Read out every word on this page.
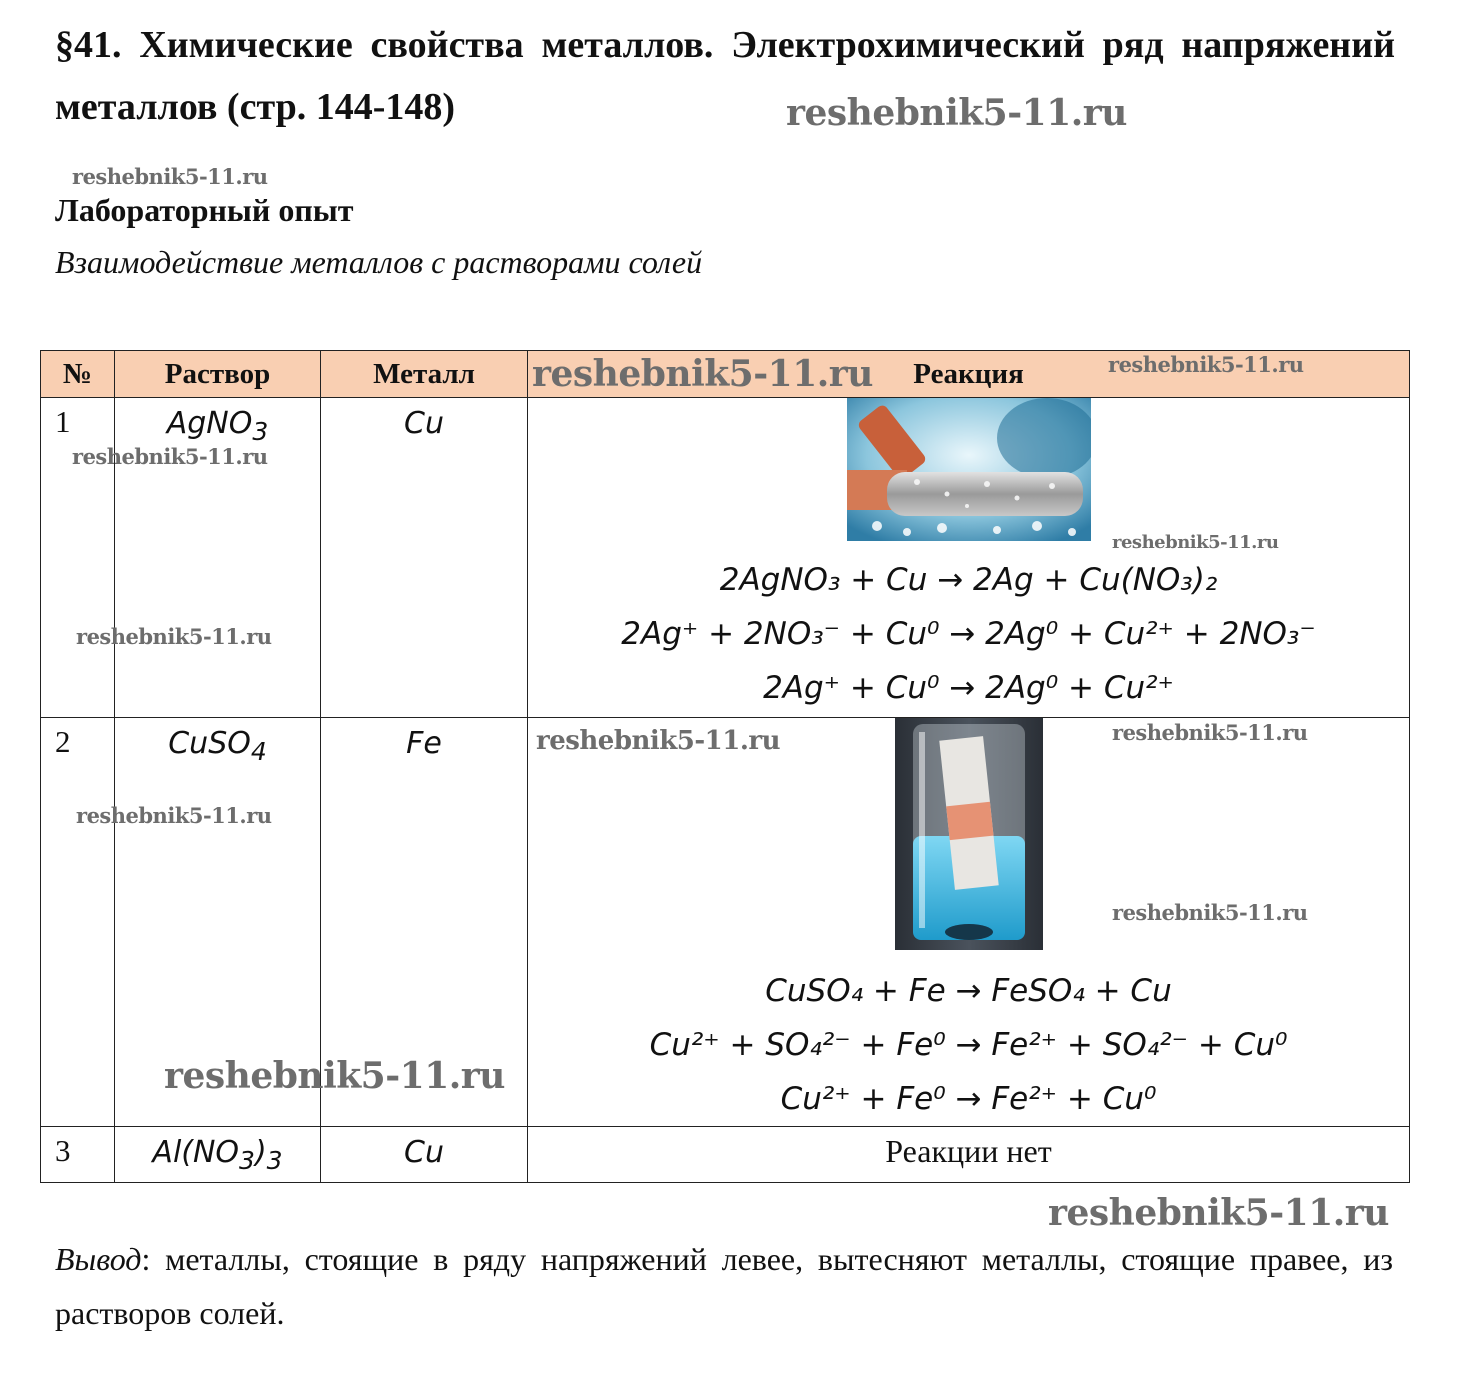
§41. Химические свойства металлов. Электрохимический ряд напряжений металлов (стр. 144-148)	reshebnik5-11.ru
reshebnik5-11.ru
Лабораторный опыт

Взаимодействие металлов с растворами солей

№	Раствор	Металл	Реакция
1	AgNO$_3$	Cu	2AgNO₃ + Cu → 2Ag + Cu(NO₃)₂
2Ag⁺ + 2NO₃⁻ + Cu⁰ → 2Ag⁰ + Cu²⁺ + 2NO₃⁻
2Ag⁺ + Cu⁰ → 2Ag⁰ + Cu²⁺

2	CuSO$_4$	Fe	CuSO₄ + Fe → FeSO₄ + Cu
Cu²⁺ + SO₄²⁻ + Fe⁰ → Fe²⁺ + SO₄²⁻ + Cu⁰
Cu²⁺ + Fe⁰ → Fe²⁺ + Cu⁰

3	$Al(NO_3)_3$	Cu	Реакции нет
reshebnik5-11.ru	reshebnik5-11.ru
reshebnik5-11.ru
reshebnik5-11.ru
reshebnik5-11.ru
reshebnik5-11.ru	reshebnik5-11.ru
reshebnik5-11.ru
reshebnik5-11.ru
reshebnik5-11.ru
reshebnik5-11.ru

Вывод: металлы, стоящие в ряду напряжений левее, вытесняют металлы, стоящие правее, из растворов солей.
